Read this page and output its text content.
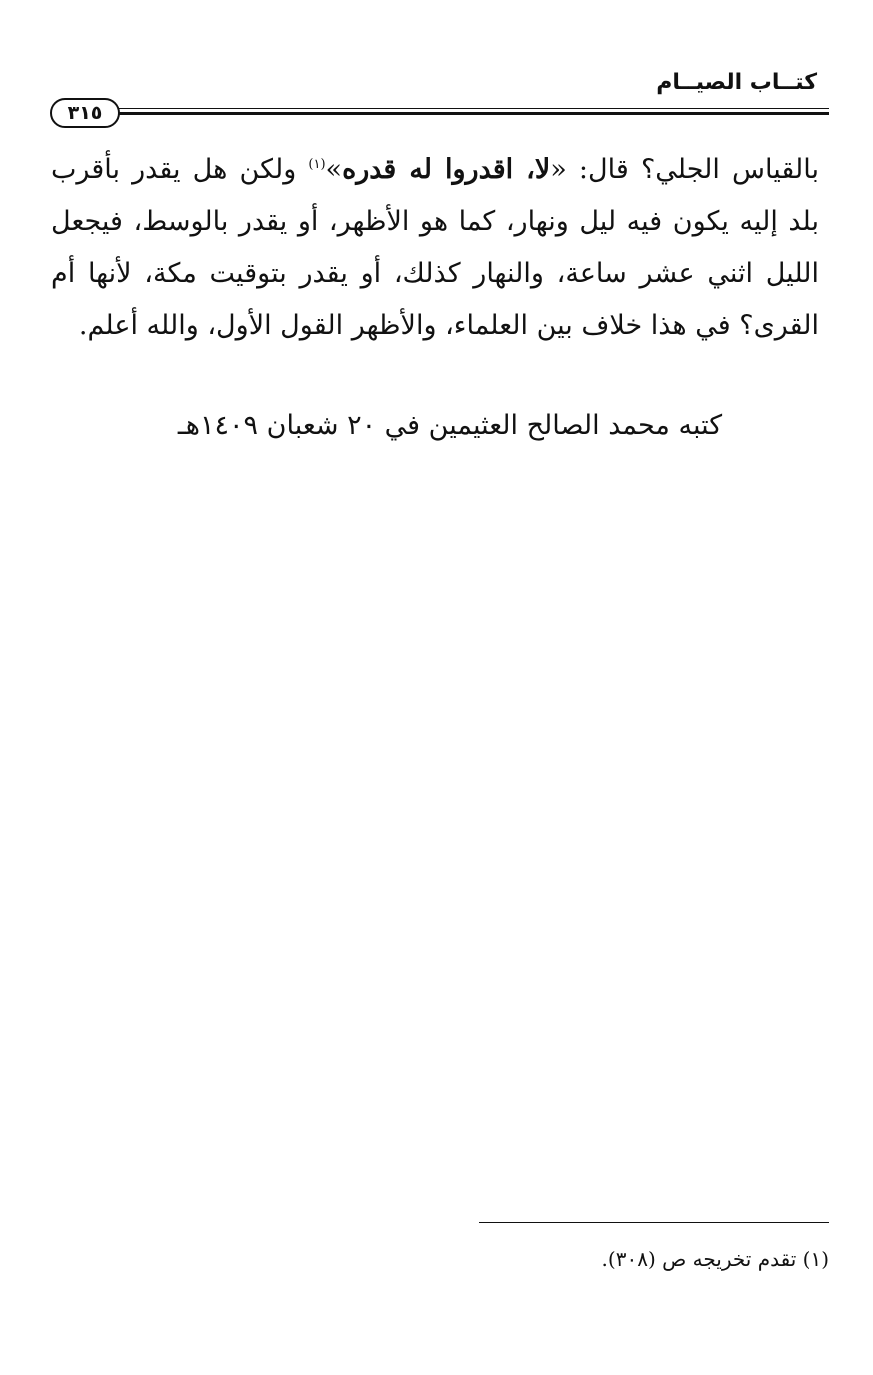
كتــاب الصيــام
٣١٥

بالقياس الجلي؟ قال: «لا، اقدروا له قدره»$^{(١)}$ ولكن هل يقدر بأقرب بلد إليه يكون فيه ليل ونهار، كما هو الأظهر، أو يقدر بالوسط، فيجعل الليل اثني عشر ساعة، والنهار كذلك، أو يقدر بتوقيت مكة، لأنها أم القرى؟ في هذا خلاف بين العلماء، والأظهر القول الأول، والله أعلم.

كتبه محمد الصالح العثيمين في ٢٠ شعبان ١٤٠٩هـ

(١) تقدم تخريجه ص (٣٠٨).
